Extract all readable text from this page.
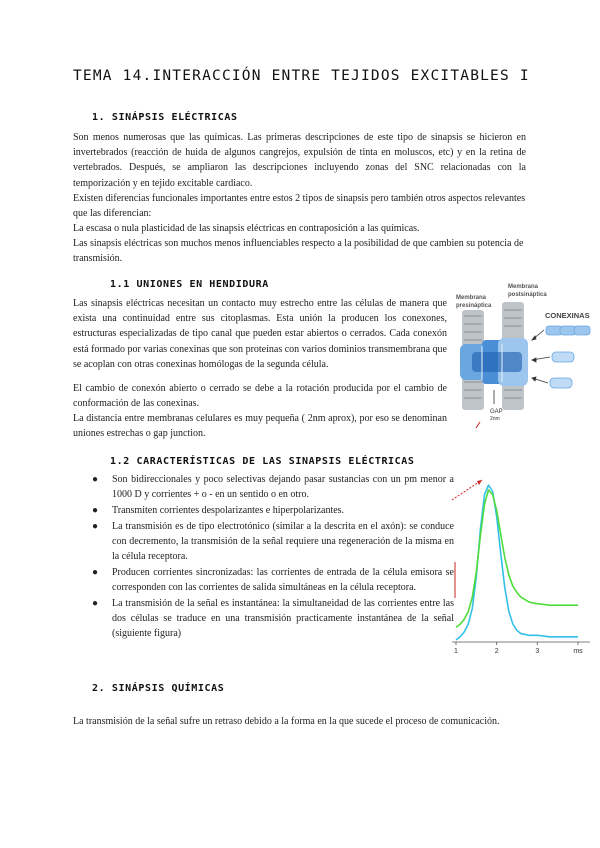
TEMA 14.INTERACCIÓN ENTRE TEJIDOS EXCITABLES I
1. SINÁPSIS ELÉCTRICAS

Son menos numerosas que las químicas. Las primeras descripciones de este tipo de sinapsis se hicieron en invertebrados (reacción de huida de algunos cangrejos, expulsión de tinta en moluscos, etc) y en la retina de vertebrados. Después, se ampliaron las descripciones incluyendo zonas del SNC relacionadas con la temporización y en tejido excitable cardiaco.

Existen diferencias funcionales importantes entre estos 2 tipos de sinapsis pero también otros aspectos relevantes que las diferencian:

La escasa o nula plasticidad de las sinapsis eléctricas en contraposición a las químicas.

Las sinapsis eléctricas son muchos menos influenciables respecto a la posibilidad de que cambien su potencia de transmisión.

1.1 UNIONES EN HENDIDURA

Las sinapsis eléctricas necesitan un contacto muy estrecho entre las células de manera que exista una continuidad entre sus citoplasmas. Esta unión la producen los conexones, estructuras especializadas de tipo canal que pueden estar abiertos o cerrados. Cada conexón está formado por varias conexinas que son proteínas con varios dominios transmembrana que se acoplan con otras conexinas homólogas de la segunda célula.

El cambio de conexón abierto o cerrado se debe a la rotación producida por el cambio de conformación de las conexinas.

La distancia entre membranas celulares es muy pequeña ( 2nm aprox), por eso se denominan uniones estrechas o gap junction.

Membrana
presináptica
Membrana
postsináptica
CONEXINAS
GAP
2nm
1.2 CARACTERÍSTICAS DE LAS SINAPSIS ELÉCTRICAS
● Son bidireccionales y poco selectivas dejando pasar sustancias con un pm menor a 1000 D y corrientes + o - en un sentido o en otro.
● Transmiten corrientes despolarizantes e hiperpolarizantes.
● La transmisión es de tipo electrotónico (similar a la descrita en el axón): se conduce con decremento, la transmisión de la señal requiere una regeneración de la misma en la célula receptora.
● Producen corrientes sincronizadas: las corrientes de entrada de la célula emisora se corresponden con las corrientes de salida simultáneas en la célula receptora.
● La transmisión de la señal es instantánea: la simultaneidad de las corrientes entre las dos células se traduce en una transmisión practicamente instantánea de la señal (siguiente figura)
1	2	3	ms
2. SINÁPSIS QUÍMICAS

La transmisión de la señal sufre un retraso debido a la forma en la que sucede el proceso de comunicación.
